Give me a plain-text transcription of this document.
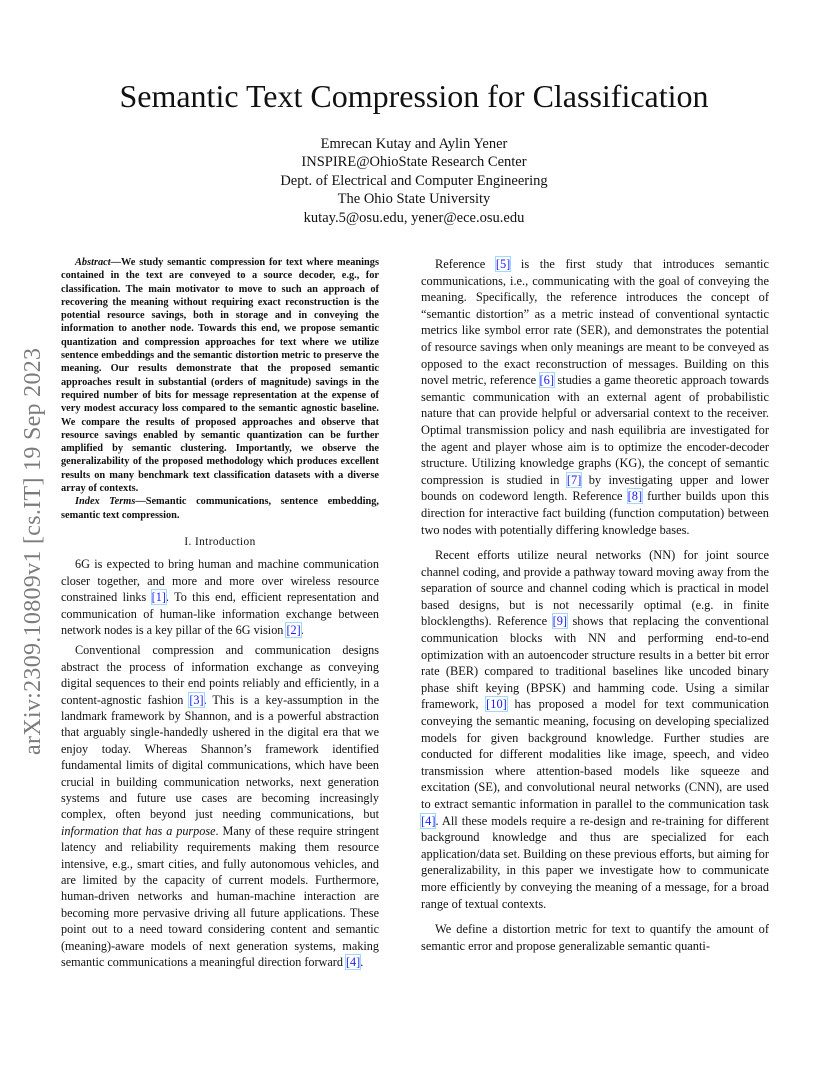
arXiv:2309.10809v1 [cs.IT] 19 Sep 2023
Semantic Text Compression for Classification
Emrecan Kutay and Aylin Yener
INSPIRE@OhioState Research Center
Dept. of Electrical and Computer Engineering
The Ohio State University
kutay.5@osu.edu, yener@ece.osu.edu

Abstract—We study semantic compression for text where meanings contained in the text are conveyed to a source decoder, e.g., for classification. The main motivator to move to such an approach of recovering the meaning without requiring exact reconstruction is the potential resource savings, both in storage and in conveying the information to another node. Towards this end, we propose semantic quantization and compression approaches for text where we utilize sentence embeddings and the semantic distortion metric to preserve the meaning. Our results demonstrate that the proposed semantic approaches result in substantial (orders of magnitude) savings in the required number of bits for message representation at the expense of very modest accuracy loss compared to the semantic agnostic baseline. We compare the results of proposed approaches and observe that resource savings enabled by semantic quantization can be further amplified by semantic clustering. Importantly, we observe the generalizability of the proposed methodology which produces excellent results on many benchmark text classification datasets with a diverse array of contexts.

Index Terms—Semantic communications, sentence embedding, semantic text compression.

I. Introduction

6G is expected to bring human and machine communication closer together, and more and more over wireless resource constrained links [1]. To this end, efficient representation and communication of human-like information exchange between network nodes is a key pillar of the 6G vision [2].

Conventional compression and communication designs abstract the process of information exchange as conveying digital sequences to their end points reliably and efficiently, in a content-agnostic fashion [3]. This is a key-assumption in the landmark framework by Shannon, and is a powerful abstraction that arguably single-handedly ushered in the digital era that we enjoy today. Whereas Shannon’s framework identified fundamental limits of digital communications, which have been crucial in building communication networks, next generation systems and future use cases are becoming increasingly complex, often beyond just needing communications, but information that has a purpose. Many of these require stringent latency and reliability requirements making them resource intensive, e.g., smart cities, and fully autonomous vehicles, and are limited by the capacity of current models. Furthermore, human-driven networks and human-machine interaction are becoming more pervasive driving all future applications. These point out to a need toward considering content and semantic (meaning)-aware models of next generation systems, making semantic communications a meaningful direction forward [4].

Reference [5] is the first study that introduces semantic communications, i.e., communicating with the goal of conveying the meaning. Specifically, the reference introduces the concept of “semantic distortion” as a metric instead of conventional syntactic metrics like symbol error rate (SER), and demonstrates the potential of resource savings when only meanings are meant to be conveyed as opposed to the exact reconstruction of messages. Building on this novel metric, reference [6] studies a game theoretic approach towards semantic communication with an external agent of probabilistic nature that can provide helpful or adversarial context to the receiver. Optimal transmission policy and nash equilibria are investigated for the agent and player whose aim is to optimize the encoder-decoder structure. Utilizing knowledge graphs (KG), the concept of semantic compression is studied in [7] by investigating upper and lower bounds on codeword length. Reference [8] further builds upon this direction for interactive fact building (function computation) between two nodes with potentially differing knowledge bases.

Recent efforts utilize neural networks (NN) for joint source channel coding, and provide a pathway toward moving away from the separation of source and channel coding which is practical in model based designs, but is not necessarily optimal (e.g. in finite blocklengths). Reference [9] shows that replacing the conventional communication blocks with NN and performing end-to-end optimization with an autoencoder structure results in a better bit error rate (BER) compared to traditional baselines like uncoded binary phase shift keying (BPSK) and hamming code. Using a similar framework, [10] has proposed a model for text communication conveying the semantic meaning, focusing on developing specialized models for given background knowledge. Further studies are conducted for different modalities like image, speech, and video transmission where attention-based models like squeeze and excitation (SE), and convolutional neural networks (CNN), are used to extract semantic information in parallel to the communication task [4]. All these models require a re-design and re-training for different background knowledge and thus are specialized for each application/data set. Building on these previous efforts, but aiming for generalizability, in this paper we investigate how to communicate more efficiently by conveying the meaning of a message, for a broad range of textual contexts.

We define a distortion metric for text to quantify the amount of semantic error and propose generalizable semantic quanti-
